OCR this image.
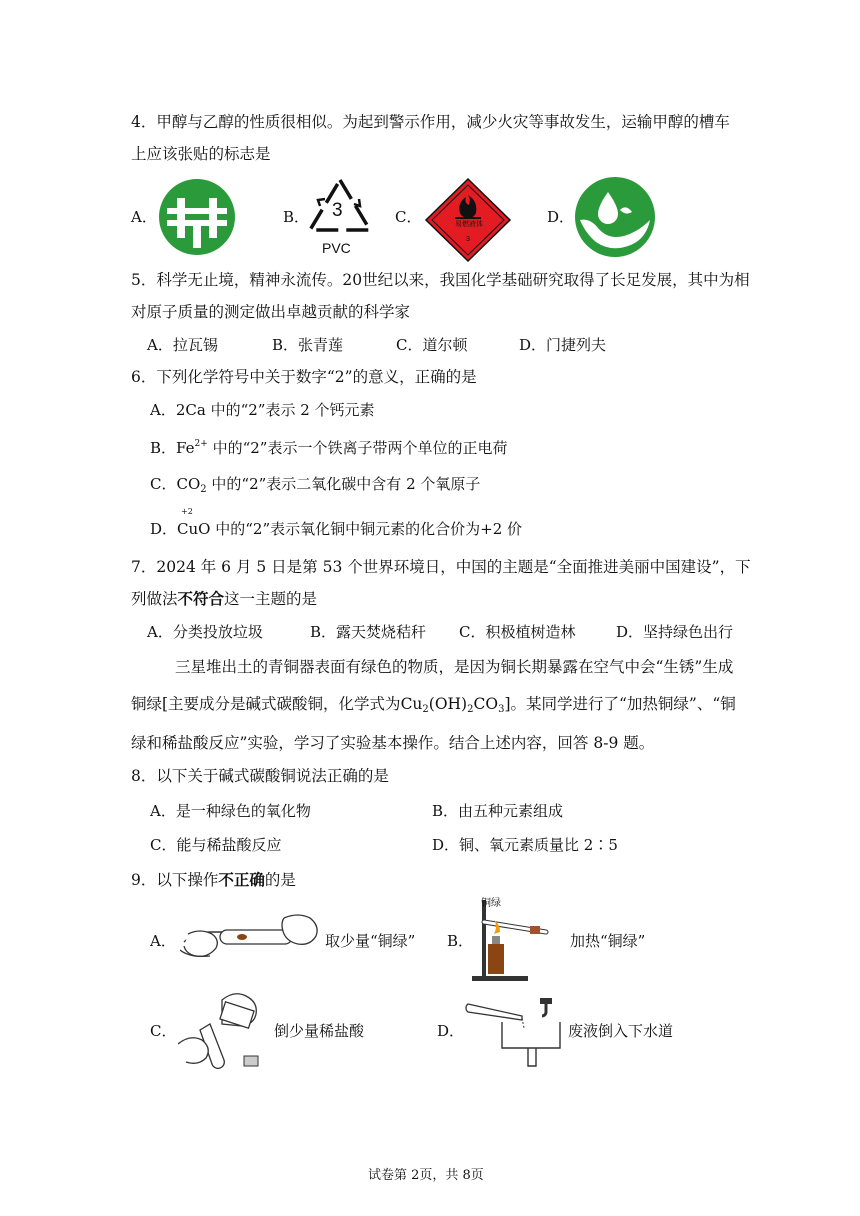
4．甲醇与乙醇的性质很相似。为起到警示作用，减少火灾等事故发生，运输甲醇的槽车
上应该张贴的标志是
A．	B． 3
PVC
C．	易燃液体
3
D．
5．科学无止境，精神永流传。20世纪以来，我国化学基础研究取得了长足发展，其中为相
对原子质量的测定做出卓越贡献的科学家
A．拉瓦锡	B．张青莲	C．道尔顿	D．门捷列夫
6．下列化学符号中关于数字“2”的意义，正确的是
A．2Ca 中的“2”表示 2 个钙元素
B．$Fe^{2+}$ 中的“2”表示一个铁离子带两个单位的正电荷
C．$CO_2$ 中的“2”表示二氧化碳中含有 2 个氧原子
D．
+2
CuO 中的“2”表示氧化铜中铜元素的化合价为+2 价
7．2024 年 6 月 5 日是第 53 个世界环境日，中国的主题是“全面推进美丽中国建设”，下
列做法不符合这一主题的是
A．分类投放垃圾	B．露天焚烧秸秆 C．积极植树造林	D．坚持绿色出行
三星堆出土的青铜器表面有绿色的物质，是因为铜长期暴露在空气中会“生锈”生成
铜绿[主要成分是碱式碳酸铜，化学式为$Cu_2(OH)_2CO_3$]。某同学进行了“加热铜绿”、“铜
绿和稀盐酸反应”实验，学习了实验基本操作。结合上述内容，回答 8-9 题。
8．以下关于碱式碳酸铜说法正确的是
A．是一种绿色的氧化物	B．由五种元素组成
C．能与稀盐酸反应	D．铜、氧元素质量比 2∶5
9．以下操作不正确的是
A．	取少量“铜绿” B．
铜绿
加热“铜绿”
C．	倒少量稀盐酸	D．	废液倒入下水道
试卷第 2页，共 8页
